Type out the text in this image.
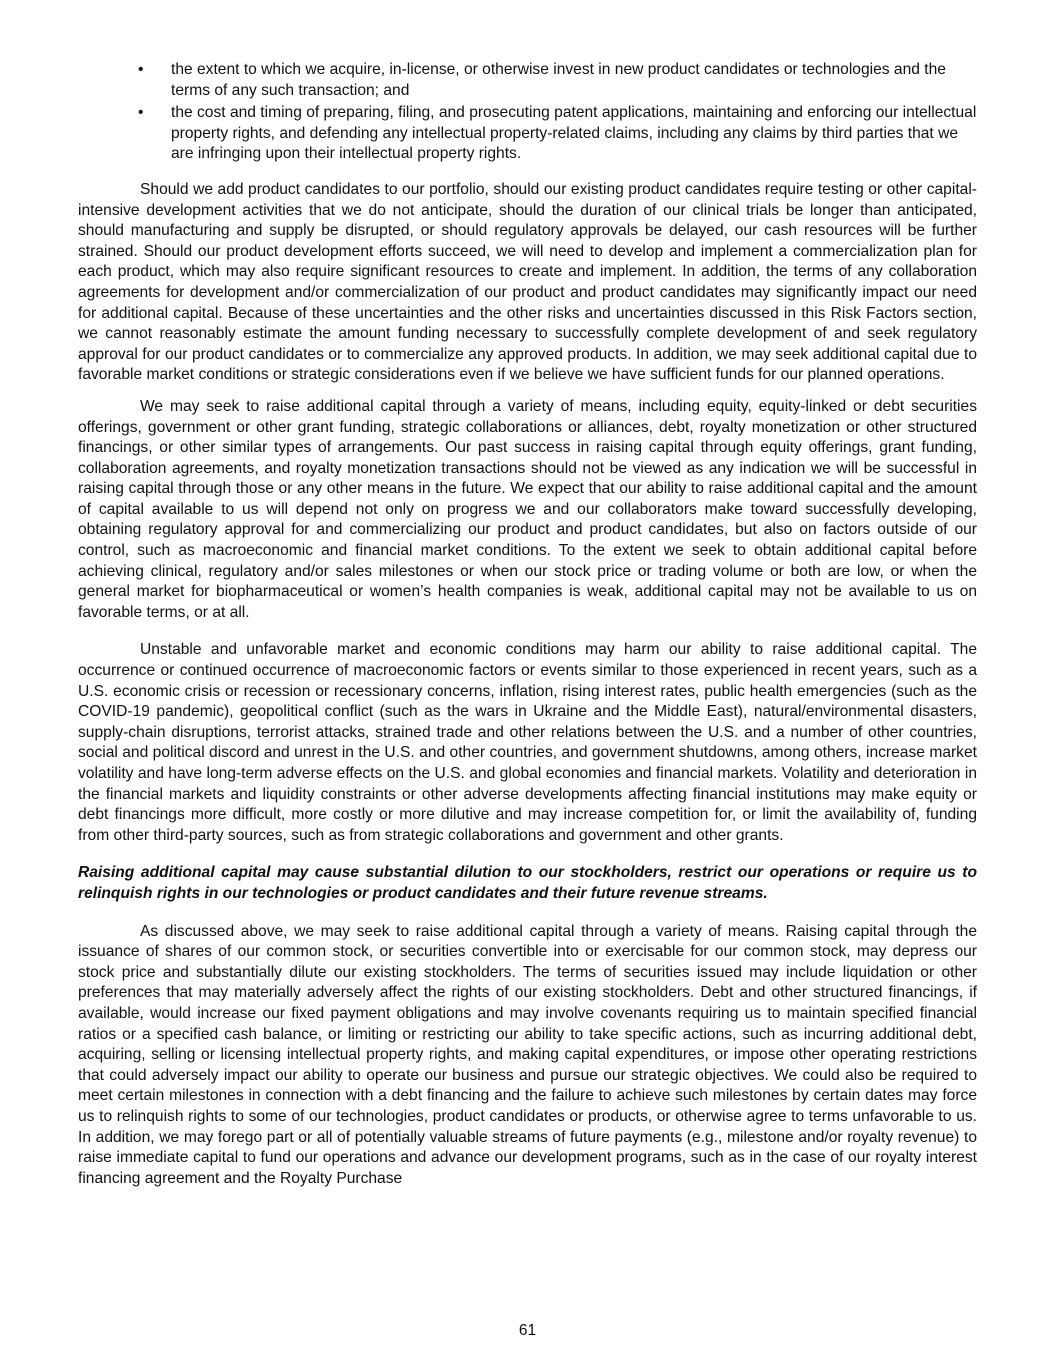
• the extent to which we acquire, in-license, or otherwise invest in new product candidates or technologies and the terms of any such transaction; and
• the cost and timing of preparing, filing, and prosecuting patent applications, maintaining and enforcing our intellectual property rights, and defending any intellectual property-related claims, including any claims by third parties that we are infringing upon their intellectual property rights.

Should we add product candidates to our portfolio, should our existing product candidates require testing or other capital-intensive development activities that we do not anticipate, should the duration of our clinical trials be longer than anticipated, should manufacturing and supply be disrupted, or should regulatory approvals be delayed, our cash resources will be further strained. Should our product development efforts succeed, we will need to develop and implement a commercialization plan for each product, which may also require significant resources to create and implement. In addition, the terms of any collaboration agreements for development and/or commercialization of our product and product candidates may significantly impact our need for additional capital. Because of these uncertainties and the other risks and uncertainties discussed in this Risk Factors section, we cannot reasonably estimate the amount funding necessary to successfully complete development of and seek regulatory approval for our product candidates or to commercialize any approved products. In addition, we may seek additional capital due to favorable market conditions or strategic considerations even if we believe we have sufficient funds for our planned operations.

We may seek to raise additional capital through a variety of means, including equity, equity-linked or debt securities offerings, government or other grant funding, strategic collaborations or alliances, debt, royalty monetization or other structured financings, or other similar types of arrangements. Our past success in raising capital through equity offerings, grant funding, collaboration agreements, and royalty monetization transactions should not be viewed as any indication we will be successful in raising capital through those or any other means in the future. We expect that our ability to raise additional capital and the amount of capital available to us will depend not only on progress we and our collaborators make toward successfully developing, obtaining regulatory approval for and commercializing our product and product candidates, but also on factors outside of our control, such as macroeconomic and financial market conditions. To the extent we seek to obtain additional capital before achieving clinical, regulatory and/or sales milestones or when our stock price or trading volume or both are low, or when the general market for biopharmaceutical or women’s health companies is weak, additional capital may not be available to us on favorable terms, or at all.

Unstable and unfavorable market and economic conditions may harm our ability to raise additional capital. The occurrence or continued occurrence of macroeconomic factors or events similar to those experienced in recent years, such as a U.S. economic crisis or recession or recessionary concerns, inflation, rising interest rates, public health emergencies (such as the COVID-19 pandemic), geopolitical conflict (such as the wars in Ukraine and the Middle East), natural/environmental disasters, supply-chain disruptions, terrorist attacks, strained trade and other relations between the U.S. and a number of other countries, social and political discord and unrest in the U.S. and other countries, and government shutdowns, among others, increase market volatility and have long-term adverse effects on the U.S. and global economies and financial markets. Volatility and deterioration in the financial markets and liquidity constraints or other adverse developments affecting financial institutions may make equity or debt financings more difficult, more costly or more dilutive and may increase competition for, or limit the availability of, funding from other third-party sources, such as from strategic collaborations and government and other grants.

Raising additional capital may cause substantial dilution to our stockholders, restrict our operations or require us to relinquish rights in our technologies or product candidates and their future revenue streams.

As discussed above, we may seek to raise additional capital through a variety of means. Raising capital through the issuance of shares of our common stock, or securities convertible into or exercisable for our common stock, may depress our stock price and substantially dilute our existing stockholders. The terms of securities issued may include liquidation or other preferences that may materially adversely affect the rights of our existing stockholders. Debt and other structured financings, if available, would increase our fixed payment obligations and may involve covenants requiring us to maintain specified financial ratios or a specified cash balance, or limiting or restricting our ability to take specific actions, such as incurring additional debt, acquiring, selling or licensing intellectual property rights, and making capital expenditures, or impose other operating restrictions that could adversely impact our ability to operate our business and pursue our strategic objectives. We could also be required to meet certain milestones in connection with a debt financing and the failure to achieve such milestones by certain dates may force us to relinquish rights to some of our technologies, product candidates or products, or otherwise agree to terms unfavorable to us. In addition, we may forego part or all of potentially valuable streams of future payments (e.g., milestone and/or royalty revenue) to raise immediate capital to fund our operations and advance our development programs, such as in the case of our royalty interest financing agreement and the Royalty Purchase

61
